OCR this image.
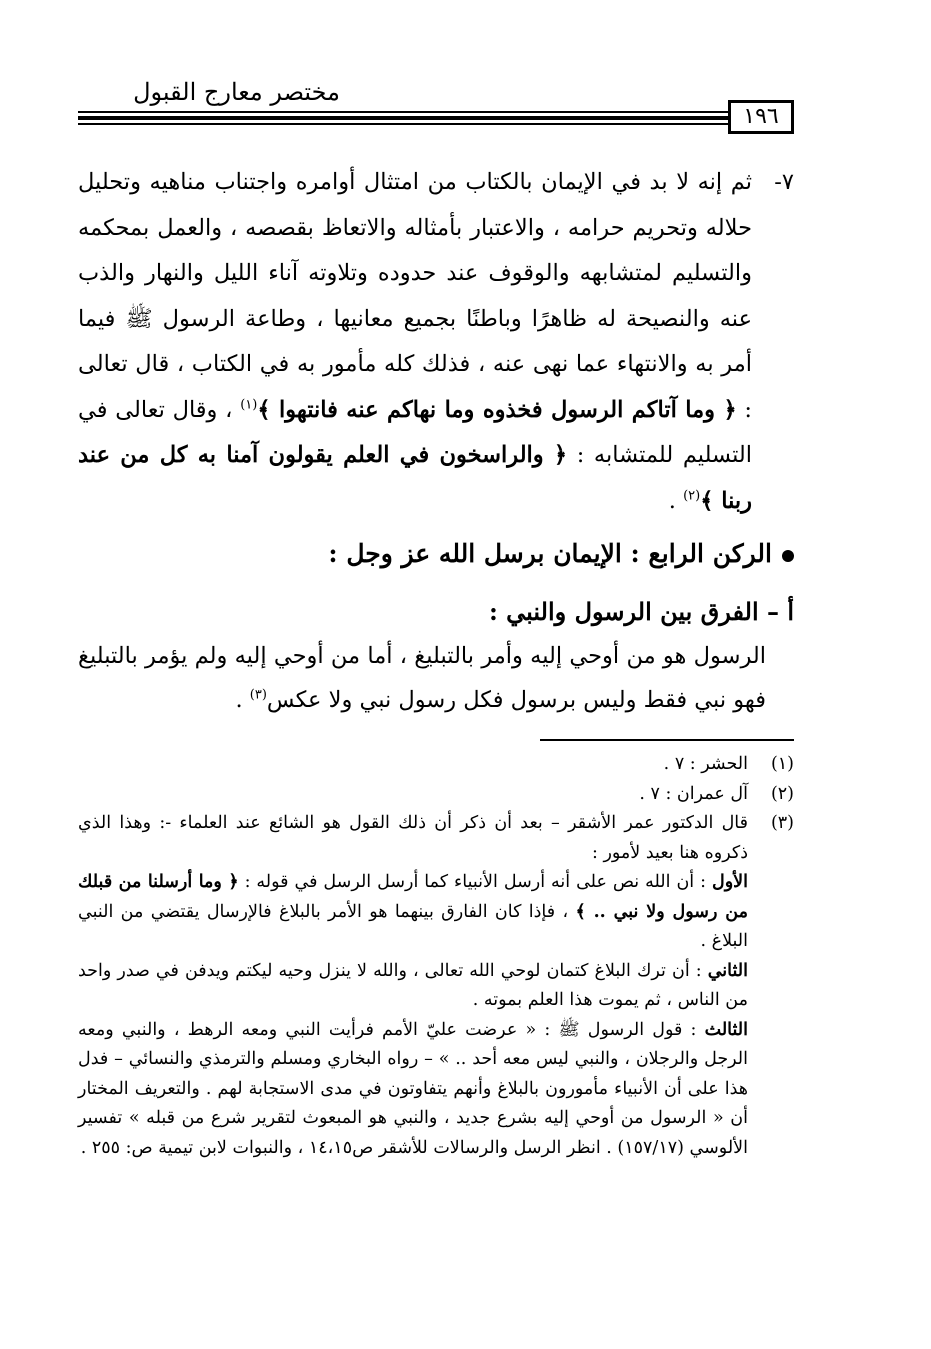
مختصر معارج القبول
١٩٦
٧-

ثم إنه لا بد في الإيمان بالكتاب من امتثال أوامره واجتناب مناهيه وتحليل حلاله وتحريم حرامه ، والاعتبار بأمثاله والاتعاظ بقصصه ، والعمل بمحكمه والتسليم لمتشابهه والوقوف عند حدوده وتلاوته آناء الليل والنهار والذب عنه والنصيحة له ظاهرًا وباطنًا بجميع معانيها ، وطاعة الرسول ﷺ فيما أمر به والانتهاء عما نهى عنه ، فذلك كله مأمور به في الكتاب ، قال تعالى : ﴿ وما آتاكم الرسول فخذوه وما نهاكم عنه فانتهوا ﴾$^{(١)}$ ، وقال تعالى في التسليم للمتشابه : ﴿ والراسخون في العلم يقولون آمنا به كل من عند ربنا ﴾$^{(٢)}$ .

الركن الرابع : الإيمان برسل الله عز وجل :
أ – الفرق بين الرسول والنبي :

الرسول هو من أوحي إليه وأمر بالتبليغ ، أما من أوحي إليه ولم يؤمر بالتبليغ فهو نبي فقط وليس برسول فكل رسول نبي ولا عكس$^{(٣)}$ .

(١)
الحشر : ٧ .
(٢)
آل عمران : ٧ .
(٣)

قال الدكتور عمر الأشقر – بعد أن ذكر أن ذلك القول هو الشائع عند العلماء -: وهذا الذي ذكروه هنا بعيد لأمور :

الأول : أن الله نص على أنه أرسل الأنبياء كما أرسل الرسل في قوله : ﴿ وما أرسلنا من قبلك من رسول ولا نبي .. ﴾ ، فإذا كان الفارق بينهما هو الأمر بالبلاغ فالإرسال يقتضي من النبي البلاغ .

الثاني : أن ترك البلاغ كتمان لوحي الله تعالى ، والله لا ينزل وحيه ليكتم ويدفن في صدر واحد من الناس ، ثم يموت هذا العلم بموته .

الثالث : قول الرسول ﷺ : « عرضت عليّ الأمم فرأيت النبي ومعه الرهط ، والنبي ومعه الرجل والرجلان ، والنبي ليس معه أحد .. » – رواه البخاري ومسلم والترمذي والنسائي – فدل هذا على أن الأنبياء مأمورون بالبلاغ وأنهم يتفاوتون في مدى الاستجابة لهم . والتعريف المختار أن « الرسول من أوحي إليه بشرع جديد ، والنبي هو المبعوث لتقرير شرع من قبله » تفسير الألوسي (١٥٧/١٧) . انظر الرسل والرسالات للأشقر ص١٤،١٥ ، والنبوات لابن تيمية ص: ٢٥٥ .
